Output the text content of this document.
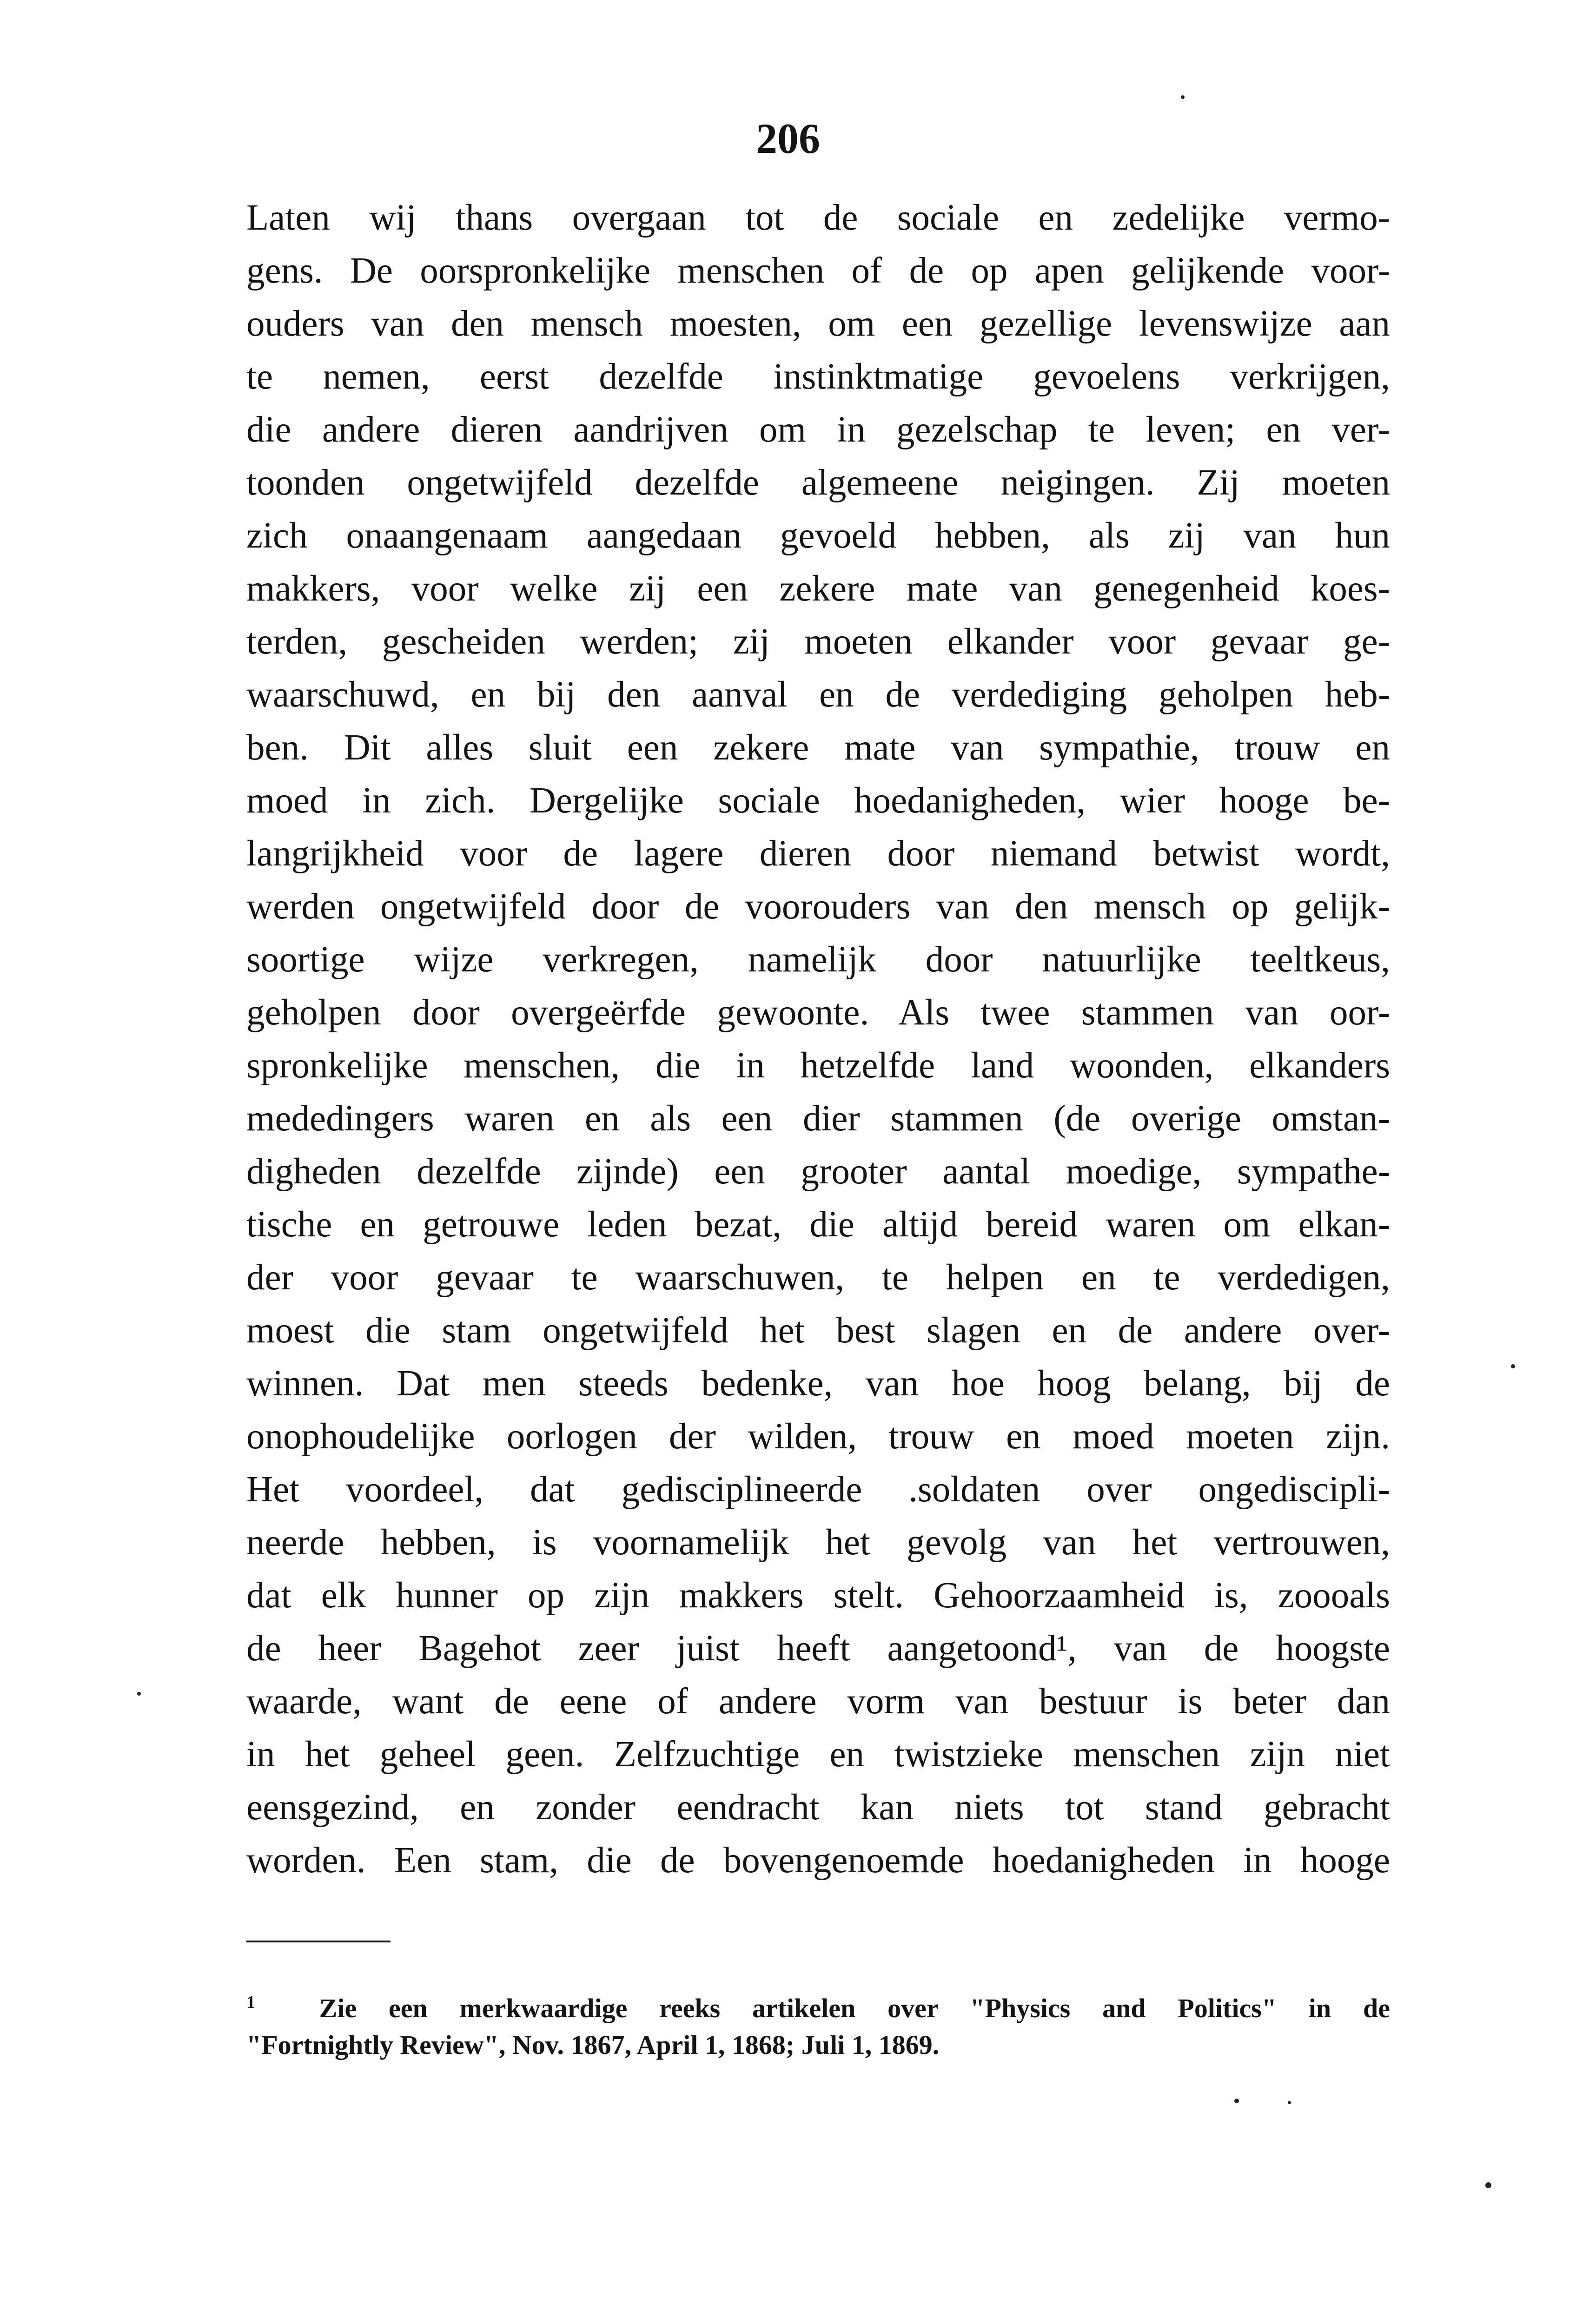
206
Laten wij thans overgaan tot de sociale en zedelijke vermo-
gens. De oorspronkelijke menschen of de op apen gelijkende voor-
ouders van den mensch moesten, om een gezellige levenswijze aan
te nemen, eerst dezelfde instinktmatige gevoelens verkrijgen,
die andere dieren aandrijven om in gezelschap te leven; en ver-
toonden ongetwijfeld dezelfde algemeene neigingen. Zij moeten
zich onaangenaam aangedaan gevoeld hebben, als zij van hun
makkers, voor welke zij een zekere mate van genegenheid koes-
terden, gescheiden werden; zij moeten elkander voor gevaar ge-
waarschuwd, en bij den aanval en de verdediging geholpen heb-
ben. Dit alles sluit een zekere mate van sympathie, trouw en
moed in zich. Dergelijke sociale hoedanigheden, wier hooge be-
langrijkheid voor de lagere dieren door niemand betwist wordt,
werden ongetwijfeld door de voorouders van den mensch op gelijk-
soortige wijze verkregen, namelijk door natuurlijke teeltkeus,
geholpen door overgeërfde gewoonte. Als twee stammen van oor-
spronkelijke menschen, die in hetzelfde land woonden, elkanders
mededingers waren en als een dier stammen (de overige omstan-
digheden dezelfde zijnde) een grooter aantal moedige, sympathe-
tische en getrouwe leden bezat, die altijd bereid waren om elkan-
der voor gevaar te waarschuwen, te helpen en te verdedigen,
moest die stam ongetwijfeld het best slagen en de andere over-
winnen. Dat men steeds bedenke, van hoe hoog belang, bij de
onophoudelijke oorlogen der wilden, trouw en moed moeten zijn.
Het voordeel, dat gedisciplineerde .soldaten over ongedisciplі-
neerde hebben, is voornamelijk het gevolg van het vertrouwen,
dat elk hunner op zijn makkers stelt. Gehoorzaamheid is, zoooals
de heer Bagehot zeer juist heeft aangetoond¹, van de hoogste
waarde, want de eene of andere vorm van bestuur is beter dan
in het geheel geen. Zelfzuchtige en twistzieke menschen zijn niet
eensgezind, en zonder eendracht kan niets tot stand gebracht
worden. Een stam, die de bovengenoemde hoedanigheden in hooge
$^1$ Zie een merkwaardige reeks artikelen over "Physics and Politics" in de
"Fortnightly Review", Nov. 1867, April 1, 1868; Juli 1, 1869.
